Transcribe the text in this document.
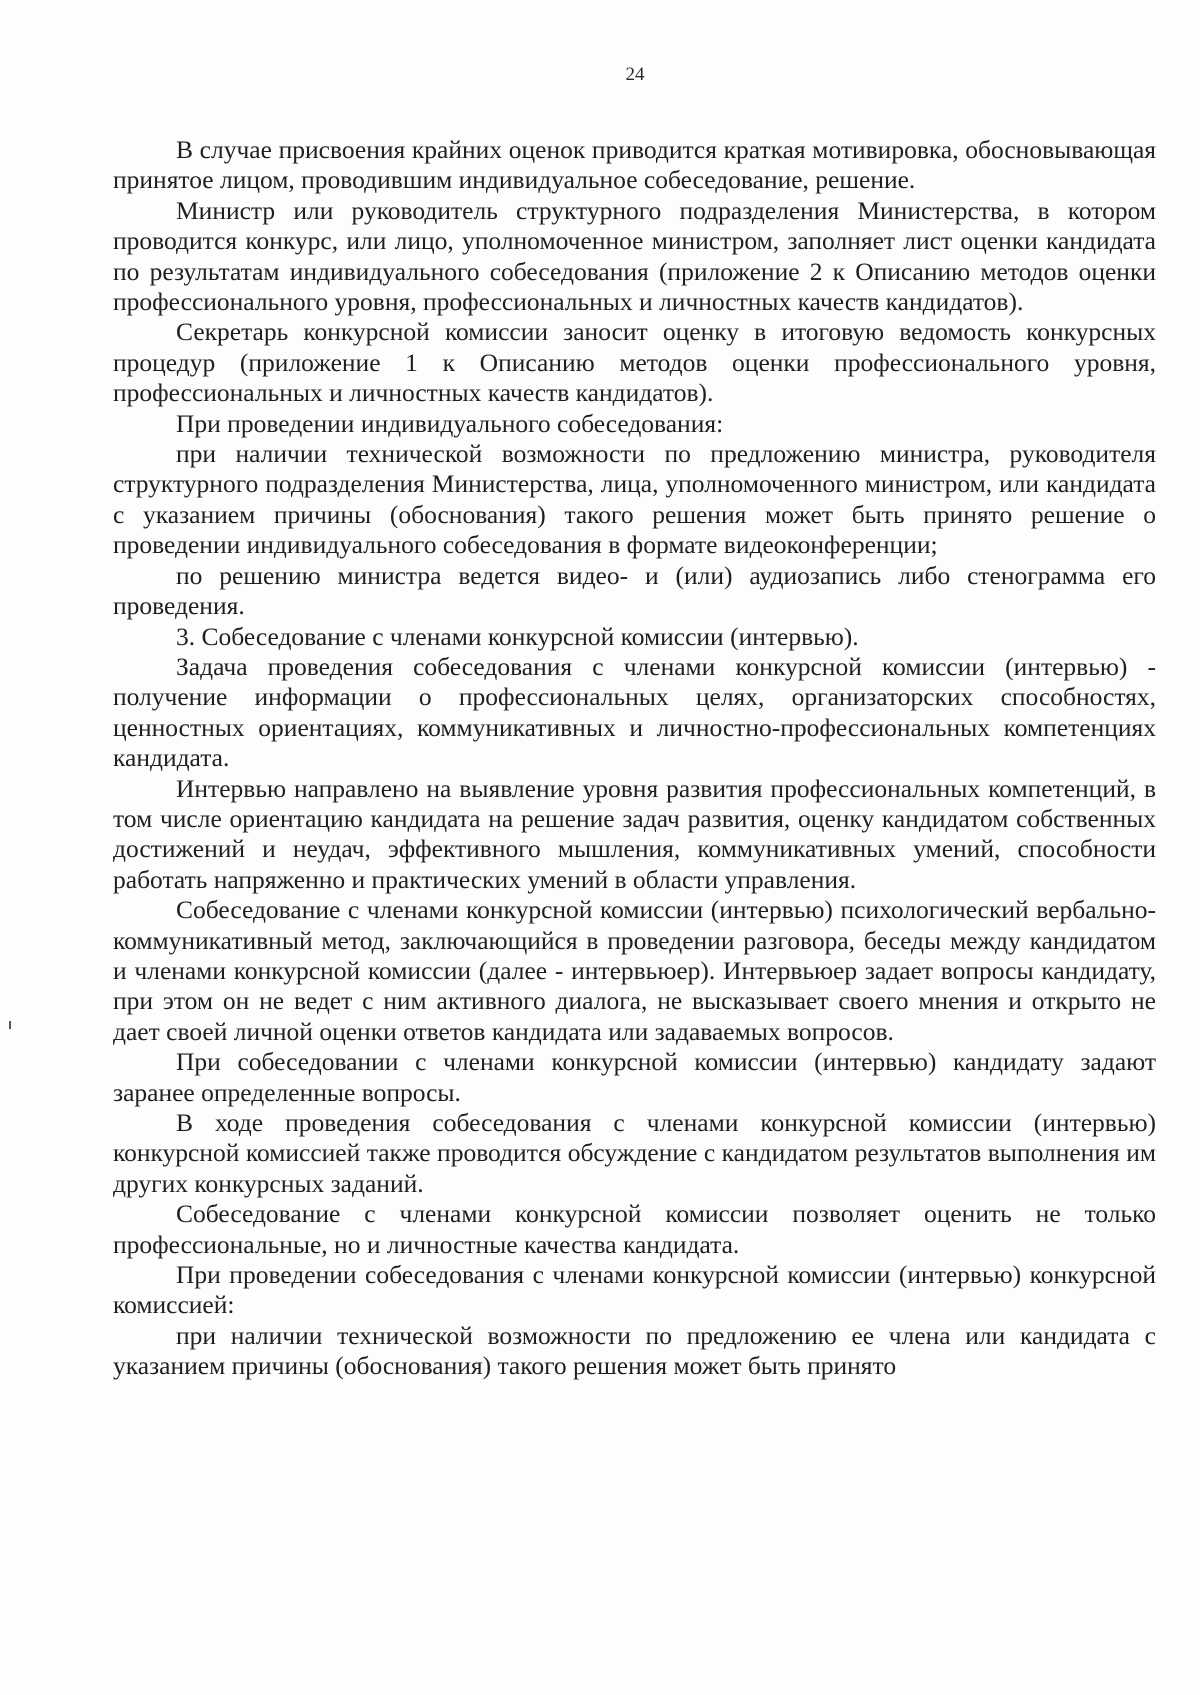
24

В случае присвоения крайних оценок приводится краткая мотивировка, обосновывающая принятое лицом, проводившим индивидуальное собеседование, решение.

Министр или руководитель структурного подразделения Министерства, в котором проводится конкурс, или лицо, уполномоченное министром, заполняет лист оценки кандидата по результатам индивидуального собеседования (приложение 2 к Описанию методов оценки профессионального уровня, профессиональных и личностных качеств кандидатов).

Секретарь конкурсной комиссии заносит оценку в итоговую ведомость конкурсных процедур (приложение 1 к Описанию методов оценки профессионального уровня, профессиональных и личностных качеств кандидатов).

При проведении индивидуального собеседования:

при наличии технической возможности по предложению министра, руководителя структурного подразделения Министерства, лица, уполномоченного министром, или кандидата с указанием причины (обоснования) такого решения может быть принято решение о проведении индивидуального собеседования в формате видеоконференции;

по решению министра ведется видео- и (или) аудиозапись либо стенограмма его проведения.

3. Собеседование с членами конкурсной комиссии (интервью).

Задача проведения собеседования с членами конкурсной комиссии (интервью) - получение информации о профессиональных целях, организаторских способностях, ценностных ориентациях, коммуникативных и личностно-профессиональных компетенциях кандидата.

Интервью направлено на выявление уровня развития профессиональных компетенций, в том числе ориентацию кандидата на решение задач развития, оценку кандидатом собственных достижений и неудач, эффективного мышления, коммуникативных умений, способности работать напряженно и практических умений в области управления.

Собеседование с членами конкурсной комиссии (интервью) психологический вербально-коммуникативный метод, заключающийся в проведении разговора, беседы между кандидатом и членами конкурсной комиссии (далее - интервьюер). Интервьюер задает вопросы кандидату, при этом он не ведет с ним активного диалога, не высказывает своего мнения и открыто не дает своей личной оценки ответов кандидата или задаваемых вопросов.

При собеседовании с членами конкурсной комиссии (интервью) кандидату задают заранее определенные вопросы.

В ходе проведения собеседования с членами конкурсной комиссии (интервью) конкурсной комиссией также проводится обсуждение с кандидатом результатов выполнения им других конкурсных заданий.

Собеседование с членами конкурсной комиссии позволяет оценить не только профессиональные, но и личностные качества кандидата.

При проведении собеседования с членами конкурсной комиссии (интервью) конкурсной комиссией:

при наличии технической возможности по предложению ее члена или кандидата с указанием причины (обоснования) такого решения может быть принято
